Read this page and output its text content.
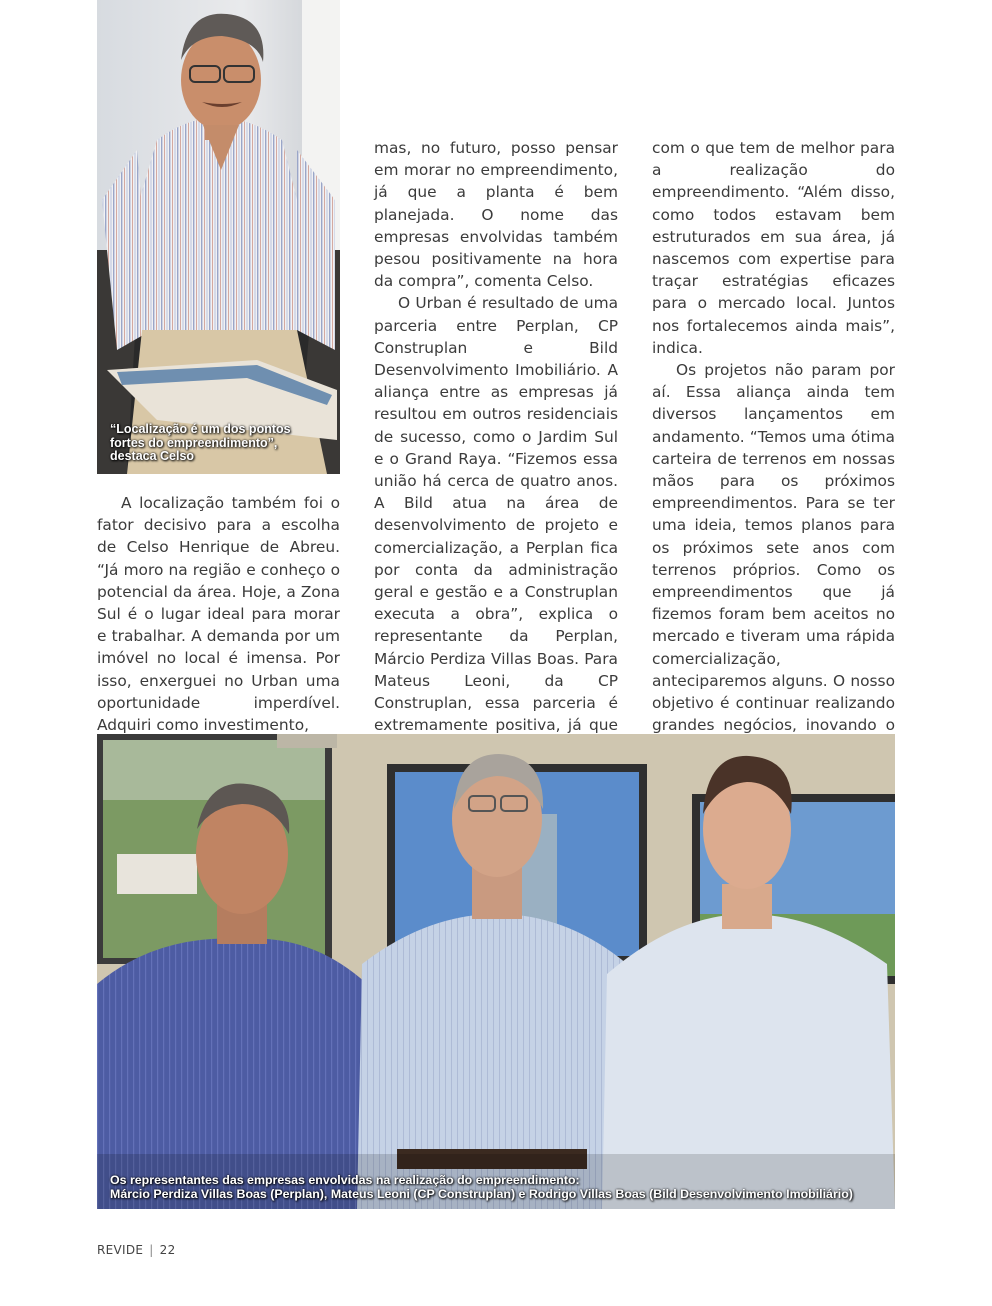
“Localização é um dos pontos
fortes do empreendimento”,
destaca Celso

A localização também foi o fator decisivo para a escolha de Celso Henrique de Abreu. “Já moro na região e conheço o potencial da área. Hoje, a Zona Sul é o lugar ideal para morar e trabalhar. A demanda por um imóvel no local é imensa. Por isso, enxerguei no Urban uma oportunidade imperdível. Adquiri como investimento,

mas, no futuro, posso pensar em morar no empreendimento, já que a planta é bem planejada. O nome das empresas envolvidas também pesou positivamente na hora da compra”, comenta Celso.

O Urban é resultado de uma parceria entre Perplan, CP Construplan e Bild Desenvolvimento Imobiliário. A aliança entre as empresas já resultou em outros residenciais de sucesso, como o Jardim Sul e o Grand Raya. “Fizemos essa união há cerca de quatro anos. A Bild atua na área de desenvolvimento de projeto e comercialização, a Perplan fica por conta da administração geral e gestão e a Construplan executa a obra”, explica o representante da Perplan, Márcio Perdiza Villas Boas. Para Mateus Leoni, da CP Construplan, essa parceria é extremamente positiva, já que

com o que tem de melhor para a realização do empreendimento. “Além disso, como todos estavam bem estruturados em sua área, já nascemos com expertise para traçar estratégias eficazes para o mercado local. Juntos nos fortalecemos ainda mais”, indica.

Os projetos não param por aí. Essa aliança ainda tem diversos lançamentos em andamento. “Temos uma ótima carteira de terrenos em nossas mãos para os próximos empreendimentos. Para se ter uma ideia, temos planos para os próximos sete anos com terrenos próprios. Como os empreendimentos que já fizemos foram bem aceitos no mercado e tiveram uma rápida comercialização, anteciparemos alguns. O nosso objetivo é continuar realizando grandes negócios, inovando o

Os representantes das empresas envolvidas na realização do empreendimento:
Márcio Perdiza Villas Boas (Perplan), Mateus Leoni (CP Construplan) e Rodrigo Villas Boas (Bild Desenvolvimento Imobiliário)
REVIDE | 22
